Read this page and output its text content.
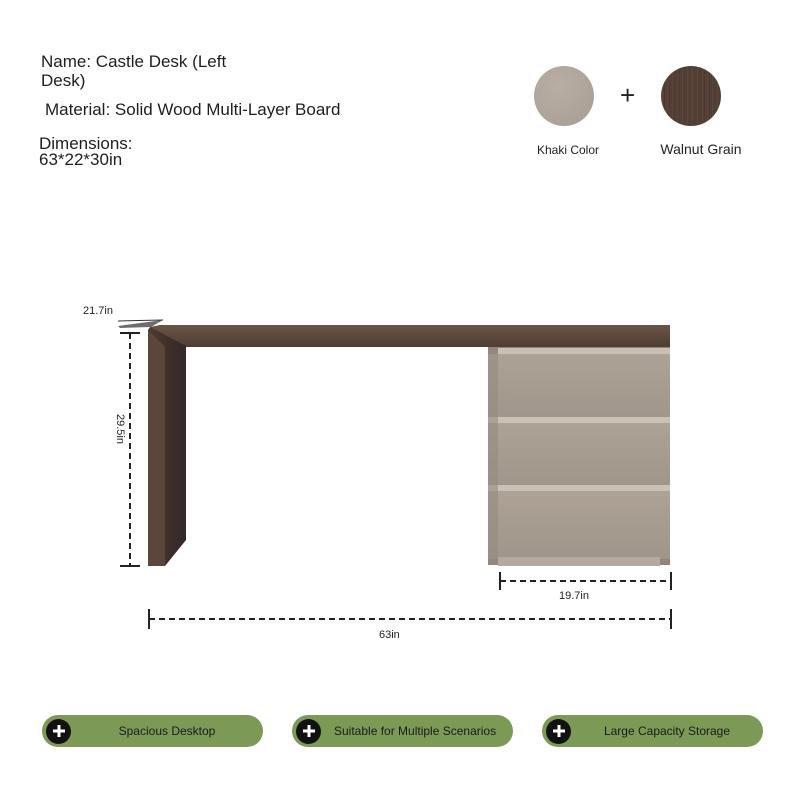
Name: Castle Desk (Left Desk)
Material: Solid Wood Multi-Layer Board
Dimensions:
63*22*30in
+
Khaki Color	Walnut Grain
21.7in
29.5in
19.7in
63in
Spacious Desktop	Suitable for Multiple Scenarios	Large Capacity Storage
